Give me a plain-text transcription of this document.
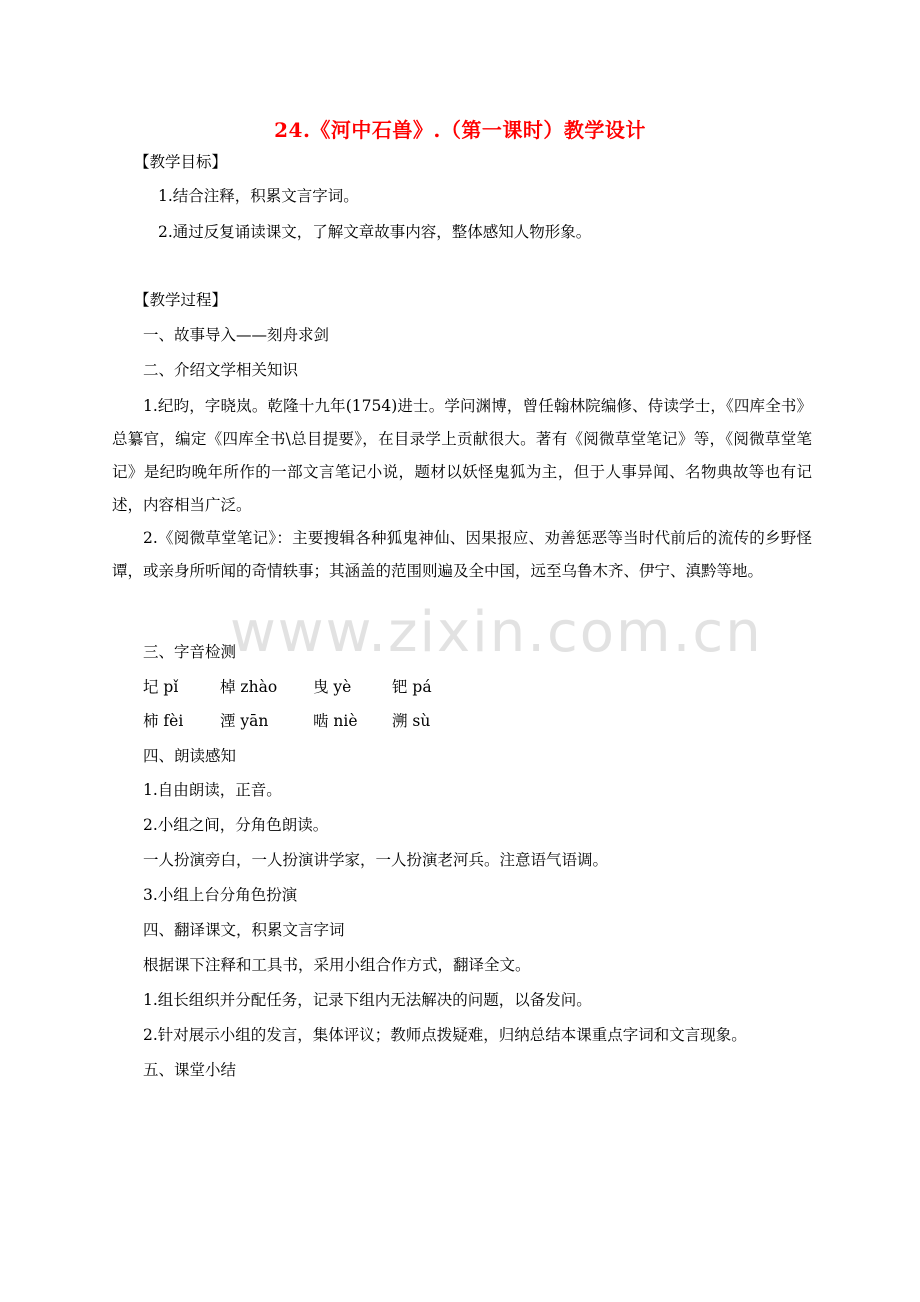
www.zixin.com.cn
24.《河中石兽》.（第一课时）教学设计
【教学目标】
1.结合注释，积累文言字词。
2.通过反复诵读课文，了解文章故事内容，整体感知人物形象。
【教学过程】
一、故事导入——刻舟求剑
二、介绍文学相关知识
1.纪昀，字晓岚。乾隆十九年(1754)进士。学问渊博，曾任翰林院编修、侍读学士，《四库全书》总纂官，编定《四库全书\总目提要》，在目录学上贡献很大。著有《阅微草堂笔记》等，《阅微草堂笔记》是纪昀晚年所作的一部文言笔记小说，题材以妖怪鬼狐为主，但于人事异闻、名物典故等也有记述，内容相当广泛。
2.《阅微草堂笔记》：主要搜辑各种狐鬼神仙、因果报应、劝善惩恶等当时代前后的流传的乡野怪谭，或亲身所听闻的奇情轶事；其涵盖的范围则遍及全中国，远至乌鲁木齐、伊宁、滇黔等地。
三、字音检测
圮 pǐ	棹 zhào 曳 yè	钯 pá
柿 fèi 湮 yān	啮 niè 溯 sù
四、朗读感知
1.自由朗读，正音。
2.小组之间，分角色朗读。
一人扮演旁白，一人扮演讲学家，一人扮演老河兵。注意语气语调。
3.小组上台分角色扮演
四、翻译课文，积累文言字词
根据课下注释和工具书，采用小组合作方式，翻译全文。
1.组长组织并分配任务，记录下组内无法解决的问题，以备发问。
2.针对展示小组的发言，集体评议；教师点拨疑难，归纳总结本课重点字词和文言现象。
五、课堂小结
